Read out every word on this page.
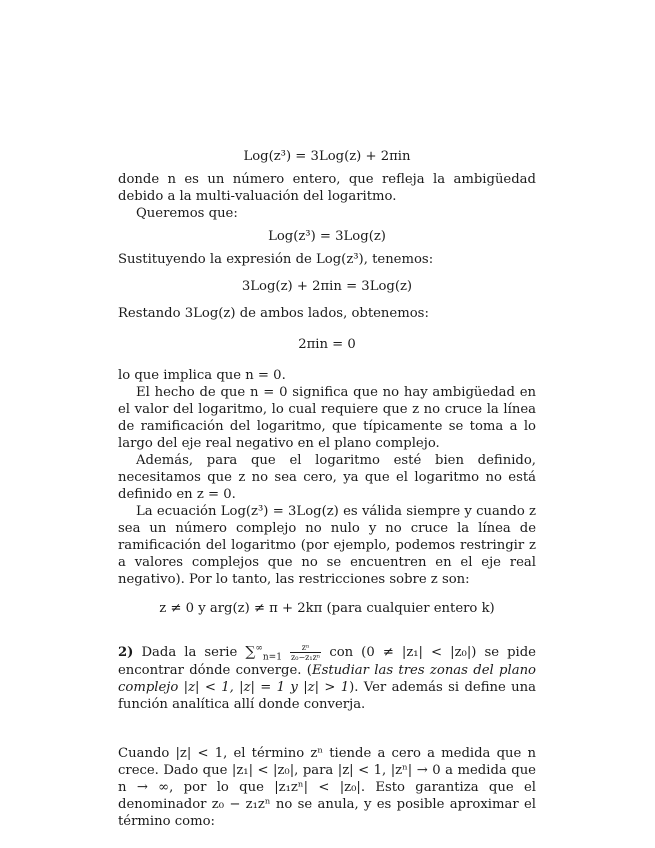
Log(z³) = 3Log(z) + 2πin

donde n es un número entero, que refleja la ambigüedad debido a la multi-valuación del logaritmo.

Queremos que:

Log(z³) = 3Log(z)

Sustituyendo la expresión de Log(z³), tenemos:

3Log(z) + 2πin = 3Log(z)

Restando 3Log(z) de ambos lados, obtenemos:

2πin = 0

lo que implica que n = 0.

El hecho de que n = 0 significa que no hay ambigüedad en el valor del logaritmo, lo cual requiere que z no cruce la línea de ramificación del logaritmo, que típicamente se toma a lo largo del eje real negativo en el plano complejo.

Además, para que el logaritmo esté bien definido, necesitamos que z no sea cero, ya que el logaritmo no está definido en z = 0.

La ecuación Log(z³) = 3Log(z) es válida siempre y cuando z sea un número complejo no nulo y no cruce la línea de ramificación del logaritmo (por ejemplo, podemos restringir z a valores complejos que no se encuentren en el eje real negativo). Por lo tanto, las restricciones sobre z son:

z ≠ 0 y arg(z) ≠ π + 2kπ (para cualquier entero k)

2) Dada la serie $\sum^\infty_{n=1} \frac{\text{zⁿ}}{\text{z₀−z₁zⁿ}}$ con (0 ≠ |z₁| < |z₀|) se pide encontrar dónde converge. (Estudiar las tres zonas del plano complejo |z| < 1, |z| = 1 y |z| > 1). Ver además si define una función analítica allí donde converja.

Cuando |z| < 1, el término zⁿ tiende a cero a medida que n crece. Dado que |z₁| < |z₀|, para |z| < 1, |zⁿ| → 0 a medida que n → ∞, por lo que |z₁zⁿ| < |z₀|. Esto garantiza que el denominador z₀ − z₁zⁿ no se anula, y es posible aproximar el término como:
